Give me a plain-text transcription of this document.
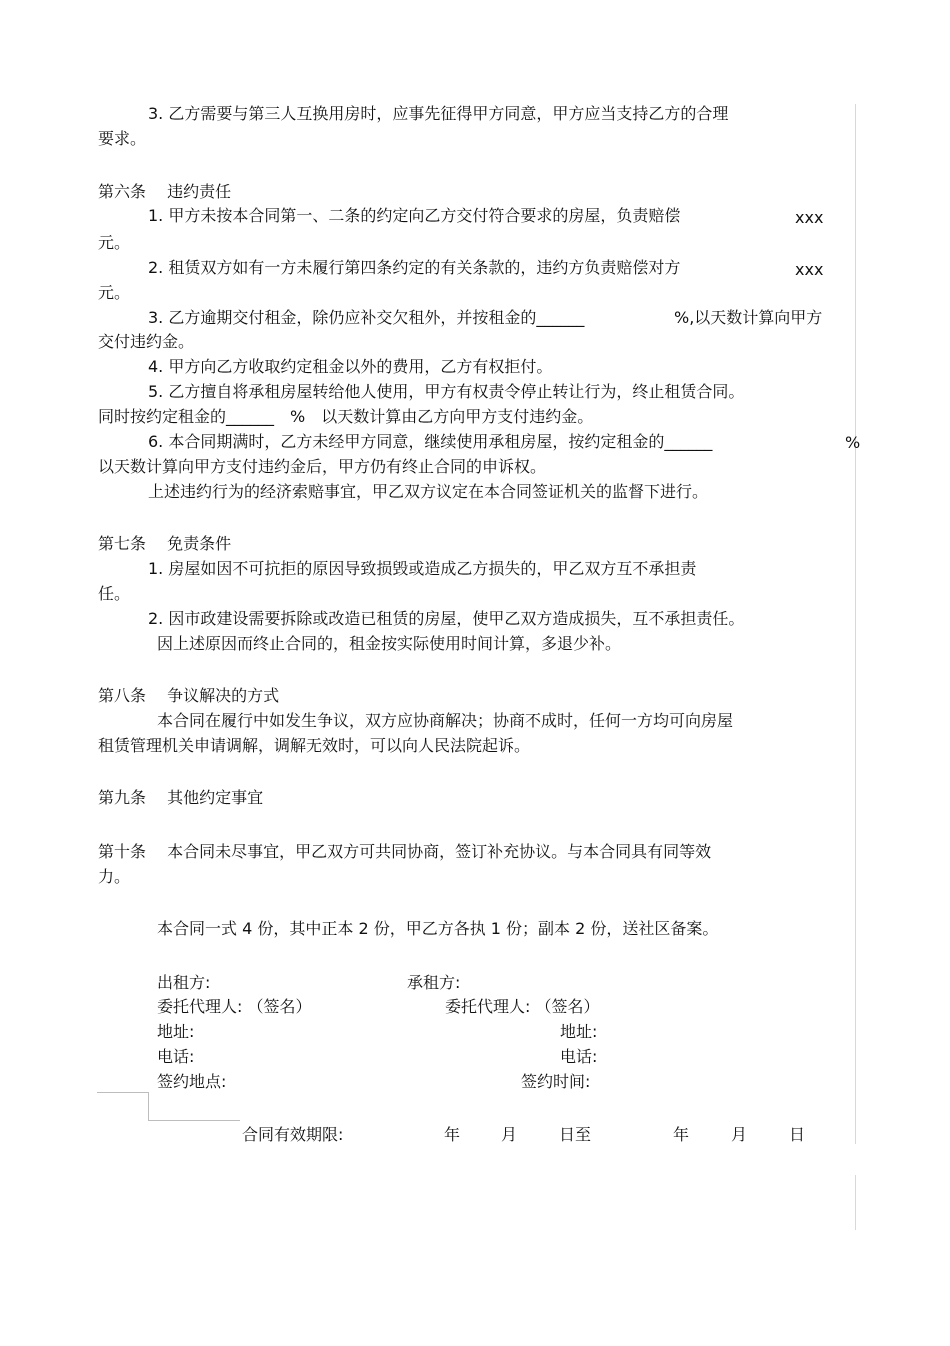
3. 乙方需要与第三人互换用房时，应事先征得甲方同意，甲方应当支持乙方的合理
要求。
第六条　 违约责任
1. 甲方未按本合同第一、二条的约定向乙方交付符合要求的房屋，负责赔偿	xxx
元。
2. 租赁双方如有一方未履行第四条约定的有关条款的，违约方负责赔偿对方	xxx
元。
3. 乙方逾期交付租金，除仍应补交欠租外，并按租金的______	%,以天数计算向甲方
交付违约金。
4. 甲方向乙方收取约定租金以外的费用，乙方有权拒付。
5. 乙方擅自将承租房屋转给他人使用，甲方有权责令停止转让行为，终止租赁合同。
同时按约定租金的______　%　以天数计算由乙方向甲方支付违约金。
6. 本合同期满时，乙方未经甲方同意，继续使用承租房屋，按约定租金的______	%
以天数计算向甲方支付违约金后，甲方仍有终止合同的申诉权。
上述违约行为的经济索赔事宜，甲乙双方议定在本合同签证机关的监督下进行。
第七条　 免责条件
1. 房屋如因不可抗拒的原因导致损毁或造成乙方损失的，甲乙双方互不承担责
任。
2. 因市政建设需要拆除或改造已租赁的房屋，使甲乙双方造成损失，互不承担责任。
因上述原因而终止合同的，租金按实际使用时间计算，多退少补。
第八条　 争议解决的方式
本合同在履行中如发生争议，双方应协商解决；协商不成时，任何一方均可向房屋
租赁管理机关申请调解，调解无效时，可以向人民法院起诉。
第九条　 其他约定事宜
第十条　 本合同未尽事宜，甲乙双方可共同协商，签订补充协议。与本合同具有同等效
力。
本合同一式 4 份，其中正本 2 份，甲乙方各执 1 份；副本 2 份，送社区备案。
出租方:	承租方:
委托代理人: （签名）	委托代理人: （签名）
地址:	地址:
电话:	电话:
签约地点:	签约时间:
合同有效期限:	年	月	日至	年	月	日
